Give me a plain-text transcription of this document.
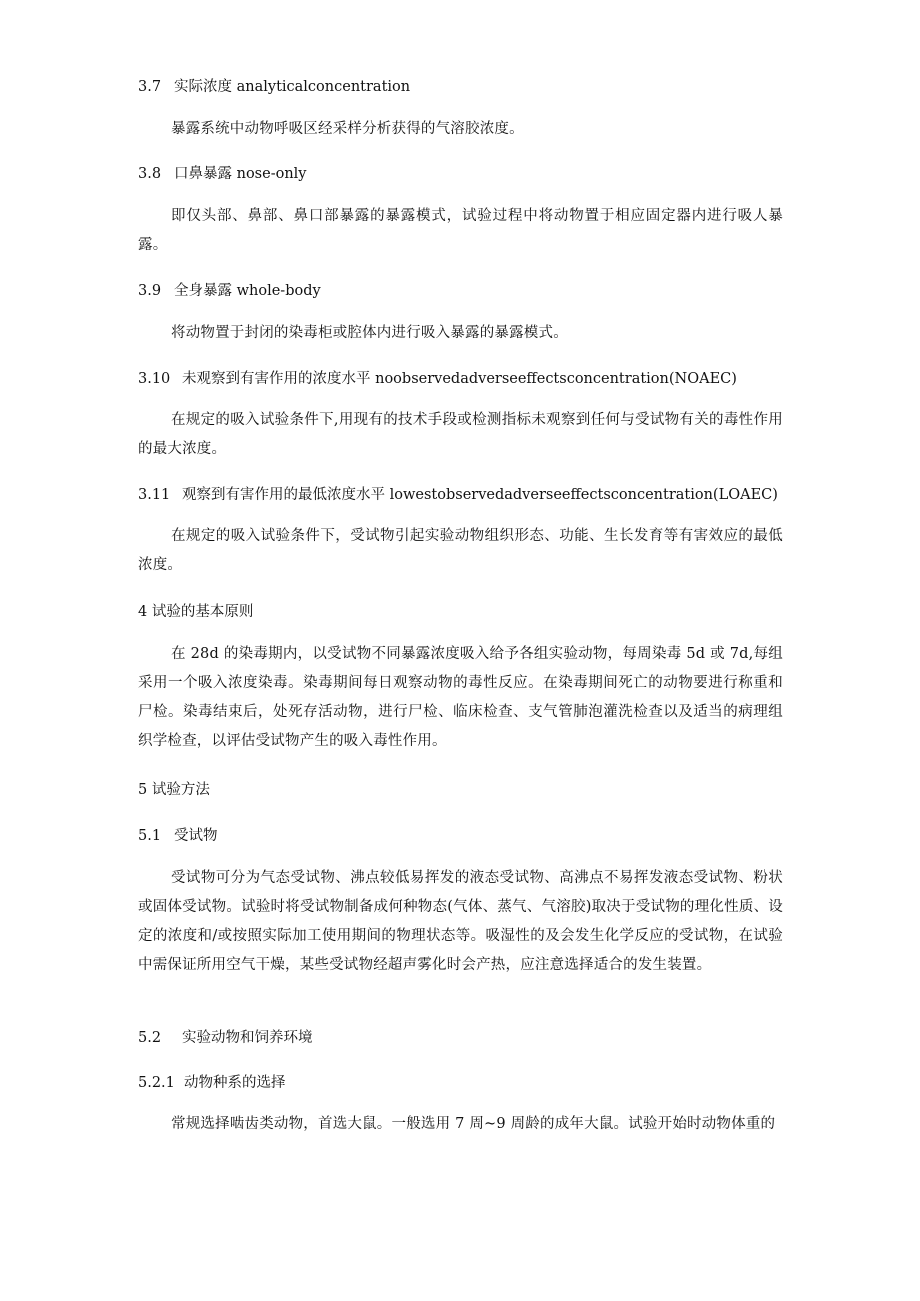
3.7 实际浓度 analyticalconcentration
暴露系统中动物呼吸区经采样分析获得的气溶胶浓度。
3.8 口鼻暴露 nose-only
即仅头部、鼻部、鼻口部暴露的暴露模式，试验过程中将动物置于相应固定器内进行吸人暴露。
3.9 全身暴露 whole-body
将动物置于封闭的染毒柜或腔体内进行吸入暴露的暴露模式。
3.10 未观察到有害作用的浓度水平 noobservedadverseeffectsconcentration(NOAEC)
在规定的吸入试验条件下,用现有的技术手段或检测指标未观察到任何与受试物有关的毒性作用的最大浓度。
3.11 观察到有害作用的最低浓度水平 lowestobservedadverseeffectsconcentration(LOAEC)
在规定的吸入试验条件下，受试物引起实验动物组织形态、功能、生长发育等有害效应的最低浓度。
4 试验的基本原则
在 28d 的染毒期内，以受试物不同暴露浓度吸入给予各组实验动物，每周染毒 5d 或 7d,每组采用一个吸入浓度染毒。染毒期间每日观察动物的毒性反应。在染毒期间死亡的动物要进行称重和尸检。染毒结束后，处死存活动物，进行尸检、临床检查、支气管肺泡灌洗检查以及适当的病理组织学检查，以评估受试物产生的吸入毒性作用。
5 试验方法
5.1 受试物
受试物可分为气态受试物、沸点较低易挥发的液态受试物、高沸点不易挥发液态受试物、粉状或固体受试物。试验时将受试物制备成何种物态(气体、蒸气、气溶胶)取决于受试物的理化性质、设定的浓度和/或按照实际加工使用期间的物理状态等。吸湿性的及会发生化学反应的受试物，在试验中需保证所用空气干燥，某些受试物经超声雾化时会产热，应注意选择适合的发生装置。
5.2 实验动物和饲养环境
5.2.1 动物种系的选择
常规选择啮齿类动物，首选大鼠。一般选用 7 周~9 周龄的成年大鼠。试验开始时动物体重的
